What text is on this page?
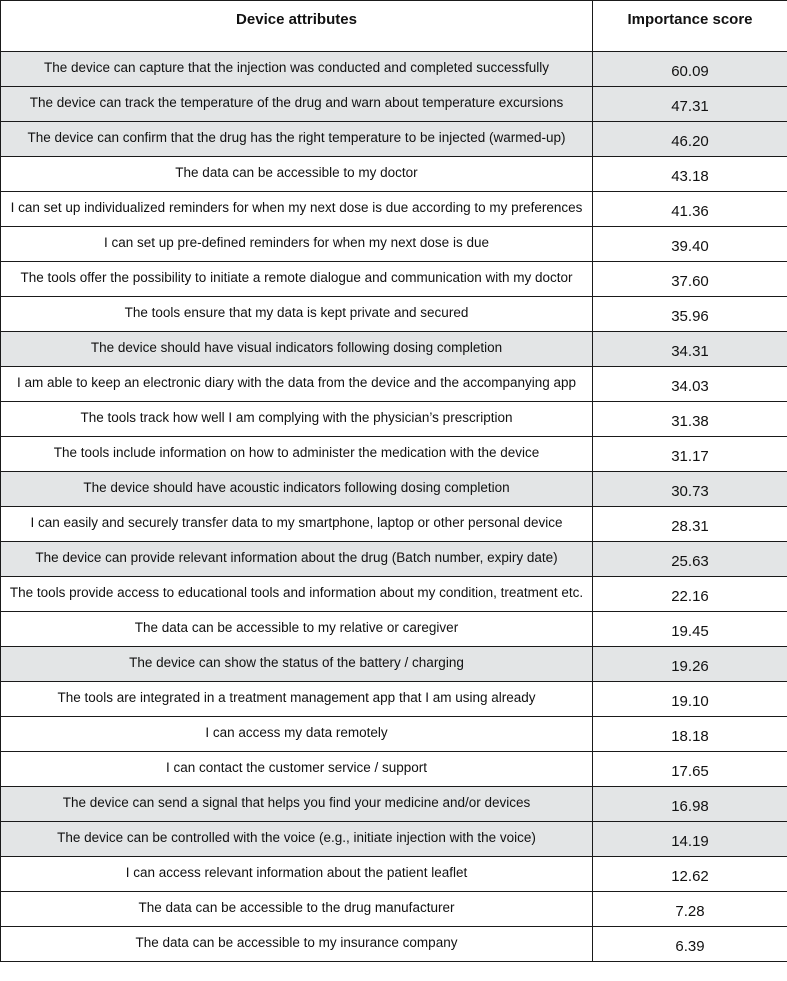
Device attributes	Importance score
The device can capture that the injection was conducted and completed successfully	60.09
The device can track the temperature of the drug and warn about temperature excursions	47.31
The device can confirm that the drug has the right temperature to be injected (warmed-up)	46.20
The data can be accessible to my doctor	43.18
I can set up individualized reminders for when my next dose is due according to my preferences	41.36
I can set up pre-defined reminders for when my next dose is due	39.40
The tools offer the possibility to initiate a remote dialogue and communication with my doctor	37.60
The tools ensure that my data is kept private and secured	35.96
The device should have visual indicators following dosing completion	34.31
I am able to keep an electronic diary with the data from the device and the accompanying app	34.03
The tools track how well I am complying with the physician’s prescription	31.38
The tools include information on how to administer the medication with the device	31.17
The device should have acoustic indicators following dosing completion	30.73
I can easily and securely transfer data to my smartphone, laptop or other personal device	28.31
The device can provide relevant information about the drug (Batch number, expiry date)	25.63
The tools provide access to educational tools and information about my condition, treatment etc.	22.16
The data can be accessible to my relative or caregiver	19.45
The device can show the status of the battery / charging	19.26
The tools are integrated in a treatment management app that I am using already	19.10
I can access my data remotely	18.18
I can contact the customer service / support	17.65
The device can send a signal that helps you find your medicine and/or devices	16.98
The device can be controlled with the voice (e.g., initiate injection with the voice)	14.19
I can access relevant information about the patient leaflet	12.62
The data can be accessible to the drug manufacturer	7.28
The data can be accessible to my insurance company	6.39
